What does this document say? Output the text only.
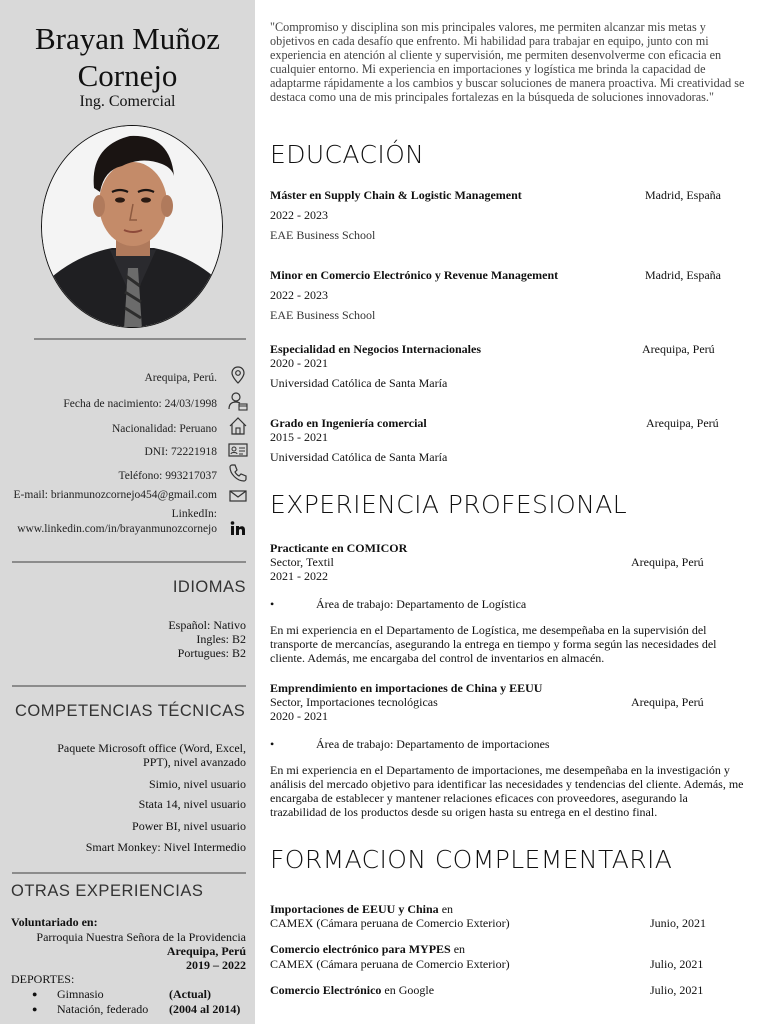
Brayan Muñoz
Cornejo
Ing. Comercial
Arequipa, Perú.
Fecha de nacimiento: 24/03/1998
Nacionalidad: Peruano
DNI: 72221918
Teléfono: 993217037
E-mail: brianmunozcornejo454@gmail.com
LinkedIn:
www.linkedin.com/in/brayanmunozcornejo
IDIOMAS
Español: Nativo
Ingles: B2
Portugues: B2
COMPETENCIAS TÉCNICAS
Paquete Microsoft office (Word, Excel,
PPT), nivel avanzado
Simio, nivel usuario
Stata 14, nivel usuario
Power BI, nivel usuario
Smart Monkey: Nivel Intermedio
OTRAS EXPERIENCIAS
Voluntariado en:
Parroquia Nuestra Señora de la Providencia
Arequipa, Perú
2019 – 2022
DEPORTES:
● Gimnasio	(Actual)
● Natación, federado (2004 al 2014)
"Compromiso y disciplina son mis principales valores, me permiten alcanzar mis metas y objetivos en cada desafío que enfrento. Mi habilidad para trabajar en equipo, junto con mi experiencia en atención al cliente y supervisión, me permiten desenvolverme con eficacia en cualquier entorno. Mi experiencia en importaciones y logística me brinda la capacidad de adaptarme rápidamente a los cambios y buscar soluciones de manera proactiva. Mi creatividad se destaca como una de mis principales fortalezas en la búsqueda de soluciones innovadoras."
EDUCACIÓN
Máster en Supply Chain & Logistic Management	Madrid, España
2022 - 2023
EAE Business School
Minor en Comercio Electrónico y Revenue Management	Madrid, España
2022 - 2023
EAE Business School
Especialidad en Negocios Internacionales	Arequipa, Perú
2020 - 2021
Universidad Católica de Santa María
Grado en Ingeniería comercial	Arequipa, Perú
2015 - 2021
Universidad Católica de Santa María
EXPERIENCIA PROFESIONAL
Practicante en COMICOR
Sector, Textil	Arequipa, Perú
2021 - 2022
•	Área de trabajo: Departamento de Logística
En mi experiencia en el Departamento de Logística, me desempeñaba en la supervisión del transporte de mercancías, asegurando la entrega en tiempo y forma según las necesidades del cliente. Además, me encargaba del control de inventarios en almacén.
Emprendimiento en importaciones de China y EEUU
Sector, Importaciones tecnológicas	Arequipa, Perú
2020 - 2021
•	Área de trabajo: Departamento de importaciones
En mi experiencia en el Departamento de importaciones, me desempeñaba en la investigación y análisis del mercado objetivo para identificar las necesidades y tendencias del cliente. Además, me encargaba de establecer y mantener relaciones eficaces con proveedores, asegurando la trazabilidad de los productos desde su origen hasta su entrega en el destino final.
FORMACION COMPLEMENTARIA
Importaciones de EEUU y China en
CAMEX (Cámara peruana de Comercio Exterior)	Junio, 2021
Comercio electrónico para MYPES en
CAMEX (Cámara peruana de Comercio Exterior)	Julio, 2021
Comercio Electrónico en Google	Julio, 2021
